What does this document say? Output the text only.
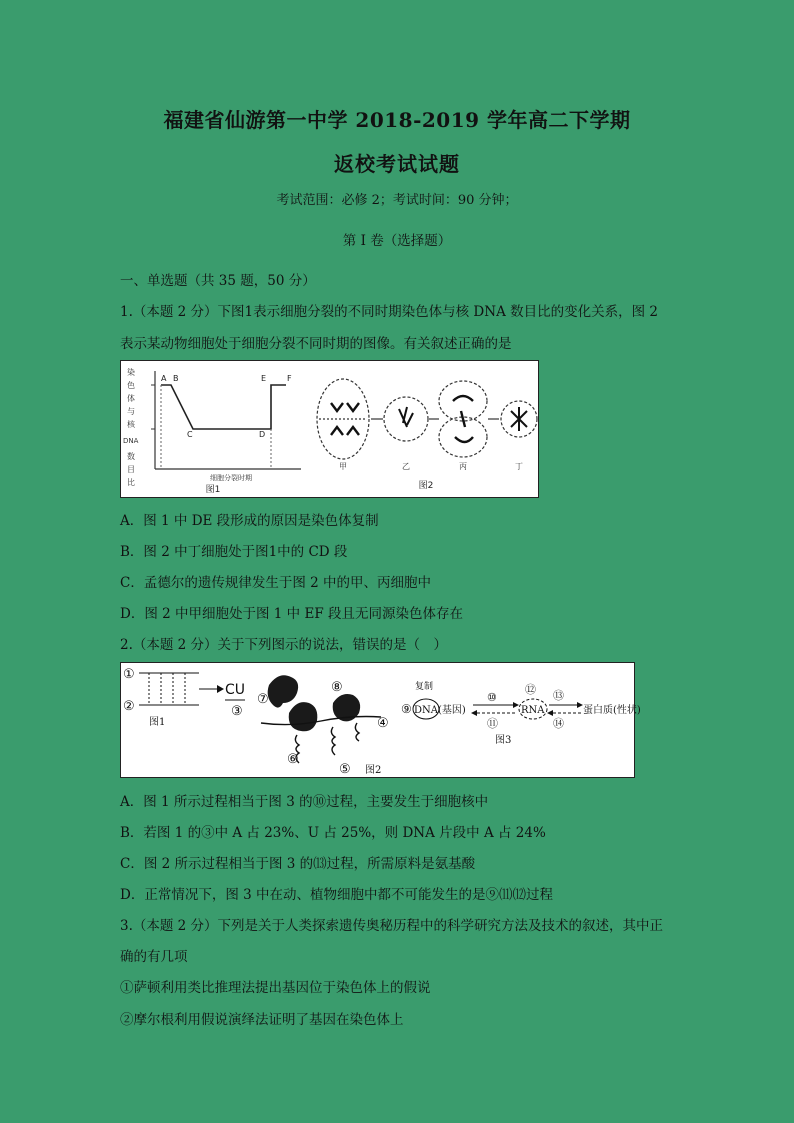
福建省仙游第一中学 2018-2019 学年高二下学期
返校考试试题
考试范围：必修 2；考试时间：90 分钟；
第 I 卷（选择题）
一、单选题（共 35 题，50 分）
1.（本题 2 分）下图1表示细胞分裂的不同时期染色体与核 DNA 数目比的变化关系，图 2
表示某动物细胞处于细胞分裂不同时期的图像。有关叙述正确的是
染
色
体
与
核
DNA
数
目
比
A B
C	D
E	F
细胞分裂时期
图1
甲	乙	丙	丁
图2
A．图 1 中 DE 段形成的原因是染色体复制
B．图 2 中丁细胞处于图1中的 CD 段
C．孟德尔的遗传规律发生于图 2 中的甲、丙细胞中
D．图 2 中甲细胞处于图 1 中 EF 段且无同源染色体存在
2.（本题 2 分）关于下列图示的说法，错误的是（　）
①
②
CU
③
图1
⑦
⑧
④
⑥
⑤ 图2
复制
⑨ DNA(基因)
⑩
⑪
RNA
⑫ ⑬
⑭
蛋白质(性状)
图3
A．图 1 所示过程相当于图 3 的⑩过程，主要发生于细胞核中
B．若图 1 的③中 A 占 23%、U 占 25%，则 DNA 片段中 A 占 24%
C．图 2 所示过程相当于图 3 的⒀过程，所需原料是氨基酸
D．正常情况下，图 3 中在动、植物细胞中都不可能发生的是⑨⑾⑿过程
3.（本题 2 分）下列是关于人类探索遗传奥秘历程中的科学研究方法及技术的叙述，其中正
确的有几项
①萨顿利用类比推理法提出基因位于染色体上的假说
②摩尔根利用假说演绎法证明了基因在染色体上
